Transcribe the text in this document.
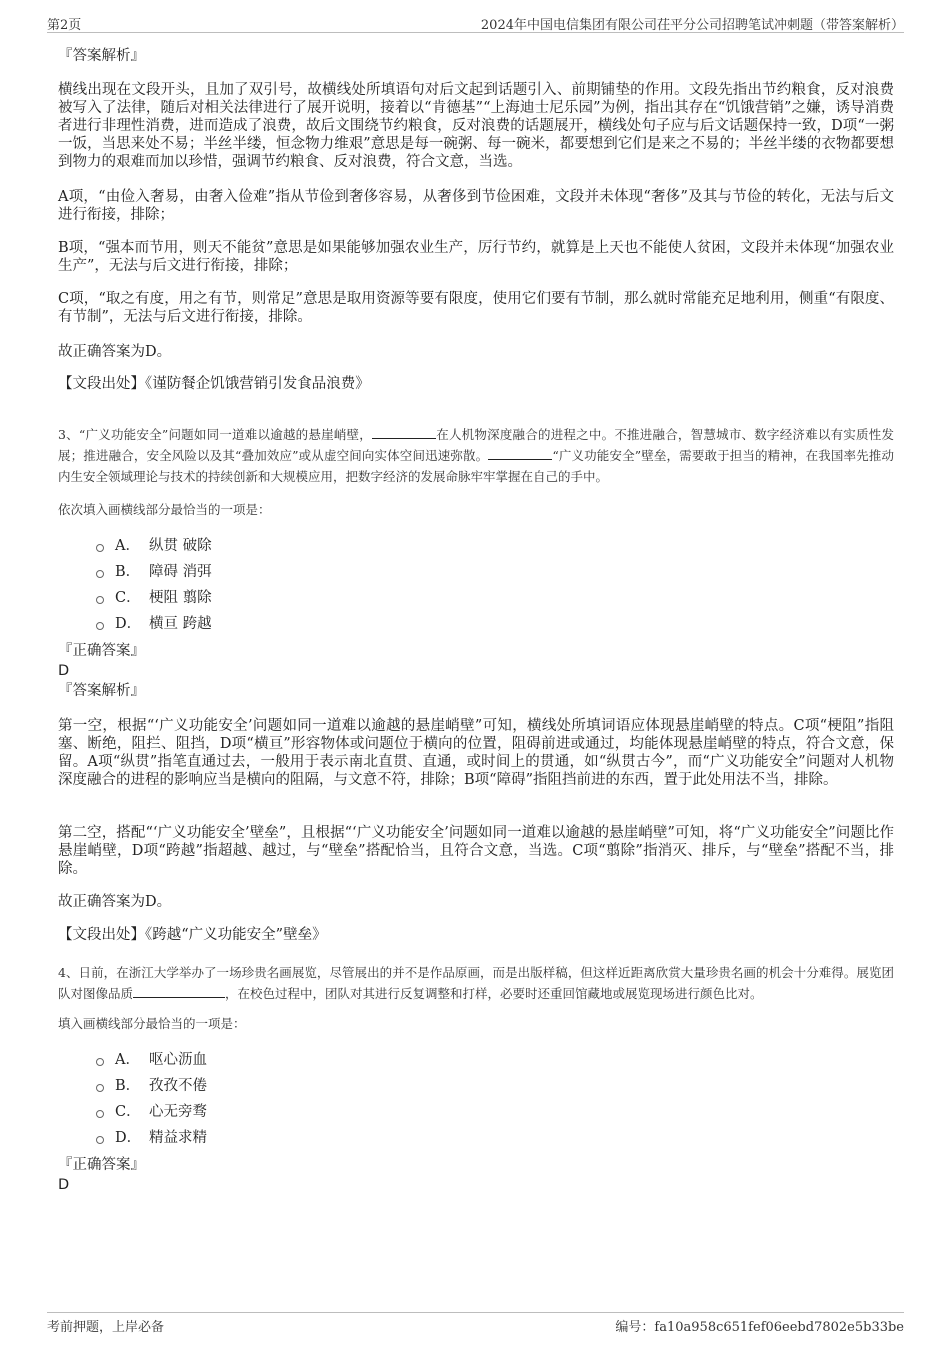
第2页	2024年中国电信集团有限公司茌平分公司招聘笔试冲刺题（带答案解析）
『答案解析』
横线出现在文段开头，且加了双引号，故横线处所填语句对后文起到话题引入、前期铺垫的作用。文段先指出节约粮食，反对浪费被写入了法律，随后对相关法律进行了展开说明，接着以“肯德基”“上海迪士尼乐园”为例，指出其存在“饥饿营销”之嫌，诱导消费者进行非理性消费，进而造成了浪费，故后文围绕节约粮食，反对浪费的话题展开，横线处句子应与后文话题保持一致，D项“一粥一饭，当思来处不易；半丝半缕，恒念物力维艰”意思是每一碗粥、每一碗米，都要想到它们是来之不易的；半丝半缕的衣物都要想到物力的艰难而加以珍惜，强调节约粮食、反对浪费，符合文意，当选。
A项，“由俭入奢易，由奢入俭难”指从节俭到奢侈容易，从奢侈到节俭困难，文段并未体现“奢侈”及其与节俭的转化，无法与后文进行衔接，排除；
B项，“强本而节用，则天不能贫”意思是如果能够加强农业生产，厉行节约，就算是上天也不能使人贫困，文段并未体现“加强农业生产”，无法与后文进行衔接，排除；
C项，“取之有度，用之有节，则常足”意思是取用资源等要有限度，使用它们要有节制，那么就时常能充足地利用，侧重“有限度、有节制”，无法与后文进行衔接，排除。
故正确答案为D。
【文段出处】《谨防餐企饥饿营销引发食品浪费》
3、“广义功能安全”问题如同一道难以逾越的悬崖峭壁，	在人机物深度融合的进程之中。不推进融合，智慧城市、数字经济难以有实质性发展；推进融合，安全风险以及其“叠加效应”或从虚空间向实体空间迅速弥散。	“广义功能安全”壁垒，需要敢于担当的精神，在我国率先推动内生安全领域理论与技术的持续创新和大规模应用，把数字经济的发展命脉牢牢掌握在自己的手中。
依次填入画横线部分最恰当的一项是：
A． 纵贯 破除
B． 障碍 消弭
C． 梗阻 翦除
D． 横亘 跨越
『正确答案』
D
『答案解析』
第一空，根据“‘广义功能安全’问题如同一道难以逾越的悬崖峭壁”可知，横线处所填词语应体现悬崖峭壁的特点。C项“梗阻”指阻塞、断绝，阻拦、阻挡，D项“横亘”形容物体或问题位于横向的位置，阻碍前进或通过，均能体现悬崖峭壁的特点，符合文意，保留。A项“纵贯”指笔直通过去，一般用于表示南北直贯、直通，或时间上的贯通，如“纵贯古今”，而“广义功能安全”问题对人机物深度融合的进程的影响应当是横向的阻隔，与文意不符，排除；B项“障碍”指阻挡前进的东西，置于此处用法不当，排除。
第二空，搭配“‘广义功能安全’壁垒”，且根据“‘广义功能安全’问题如同一道难以逾越的悬崖峭壁”可知，将“广义功能安全”问题比作悬崖峭壁，D项“跨越”指超越、越过，与“壁垒”搭配恰当，且符合文意，当选。C项“翦除”指消灭、排斥，与“壁垒”搭配不当，排除。
故正确答案为D。
【文段出处】《跨越“广义功能安全”壁垒》
4、日前，在浙江大学举办了一场珍贵名画展览，尽管展出的并不是作品原画，而是出版样稿，但这样近距离欣赏大量珍贵名画的机会十分难得。展览团队对图像品质	，在校色过程中，团队对其进行反复调整和打样，必要时还重回馆藏地或展览现场进行颜色比对。
填入画横线部分最恰当的一项是：
A． 呕心沥血
B． 孜孜不倦
C． 心无旁骛
D． 精益求精
『正确答案』
D
考前押题，上岸必备	编号：fa10a958c651fef06eebd7802e5b33be
